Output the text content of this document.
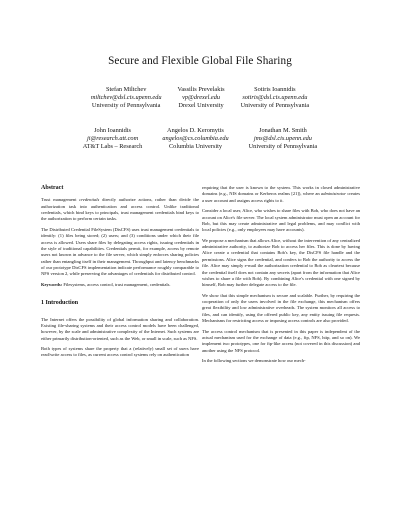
Secure and Flexible Global File Sharing
Stefan Miltchev
miltchev@dsl.cis.upenn.edu
University of Pennsylvania
Vassilis Prevelakis
vp@drexel.edu
Drexel University
Sotiris Ioannidis
sotiris@dsl.cis.upenn.edu
University of Pennsylvania
John Ioannidis
ji@research.att.com
AT&T Labs – Research
Angelos D. Keromytis
angelos@cs.columbia.edu
Columbia University
Jonathan M. Smith
jms@dsl.cis.upenn.edu
University of Pennsylvania
Abstract

Trust management credentials directly authorize actions, rather than divide the authorization task into authentication and access control. Unlike traditional credentials, which bind keys to principals, trust management credentials bind keys to the authorization to perform certain tasks.

The Distributed Credential FileSystem (DisCFS) uses trust management credentials to identify: (1) files being stored; (2) users; and (3) conditions under which their file access is allowed. Users share files by delegating access rights, issuing credentials in the style of traditional capabilities. Credentials permit, for example, access by remote users not known in advance to the file server, which simply enforces sharing policies rather than entangling itself in their management. Throughput and latency benchmarks of our prototype DisCFS implementation indicate performance roughly comparable to NFS version 2, while preserving the advantages of credentials for distributed control.

Keywords: Filesystems, access control, trust management, credentials.

1 Introduction

The Internet offers the possibility of global information sharing and collaboration. Existing file-sharing systems and their access control models have been challenged, however, by the scale and administrative complexity of the Internet. Such systems are either primarily distribution-oriented, such as the Web, or small in scale, such as NFS.

Both types of systems share the property that a (relatively) small set of users have read/write access to files, as current access control systems rely on authentication

requiring that the user is known to the system. This works in closed administrative domains (e.g., NIS domains or Kerberos realms [21]), where an administrator creates a user account and assigns access rights to it.

Consider a local user, Alice, who wishes to share files with Bob, who does not have an account on Alice's file server. The local system administrator must open an account for Bob, but this may create administrative and legal problems, and may conflict with local policies (e.g., only employees may have accounts).

We propose a mechanism that allows Alice, without the intervention of any centralized administrative authority, to authorize Bob to access her files. This is done by having Alice create a credential that contains Bob's key, the DisCFS file handle and the permissions. Alice signs the credential, and confers to Bob the authority to access the file. Alice may simply e-mail the authorization credential to Bob as cleartext because the credential itself does not contain any secrets (apart from the information that Alice wishes to share a file with Bob). By combining Alice's credential with one signed by himself, Bob may further delegate access to the file.

We show that this simple mechanism is secure and scalable. Further, by requiring the cooperation of only the users involved in the file exchange, this mechanism offers great flexibility and low administrative overheads. The system monitors all access to files, and can identify, using the offered public key, any entity issuing file requests. Mechanisms for restricting access or imposing access controls are also provided.

The access control mechanism that is presented in this paper is independent of the actual mechanism used for the exchange of data (e.g., ftp, NFS, http, and so on). We implement two prototypes, one for ftp-like access (not covered in this discussion) and another using the NFS protocol.

In the following sections we demonstrate how our mech-
